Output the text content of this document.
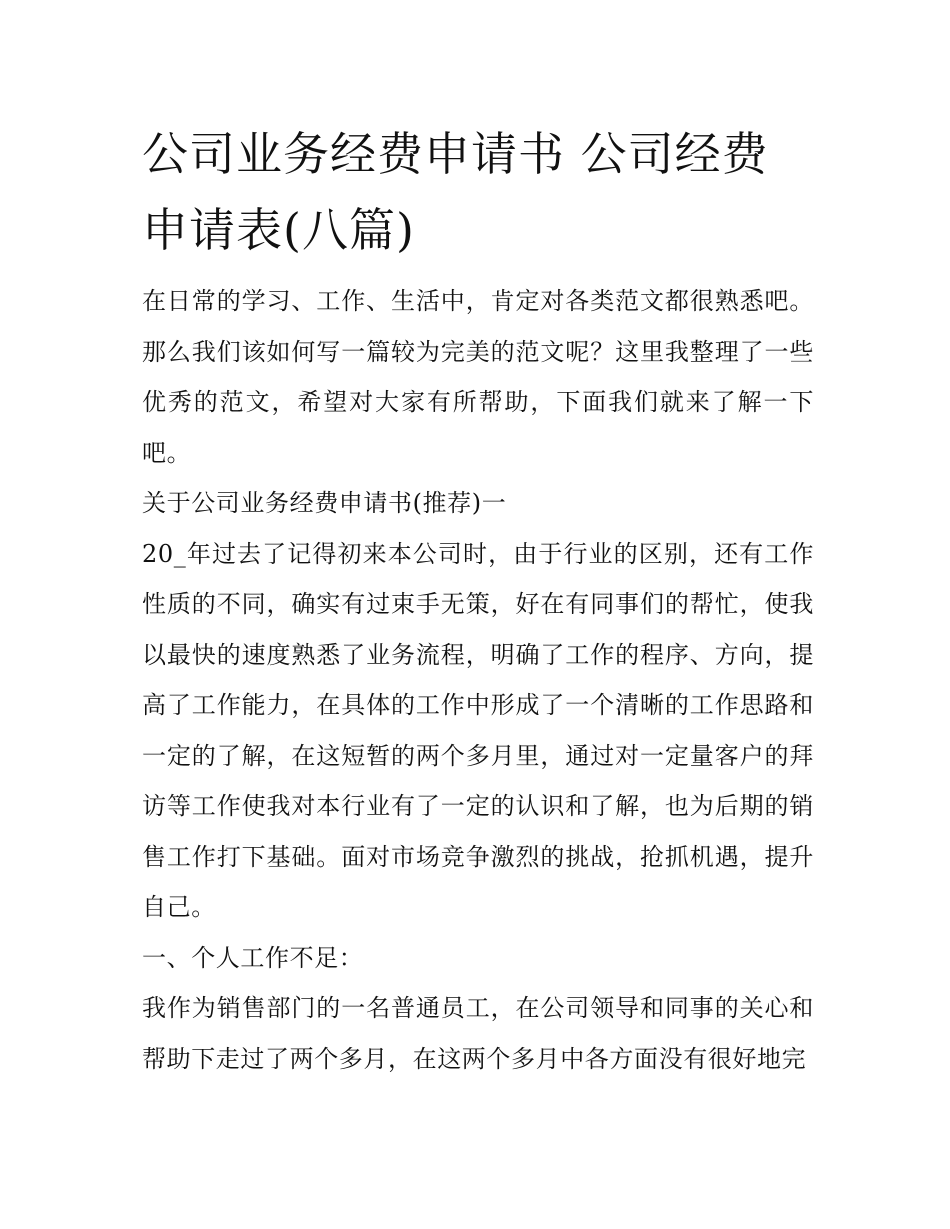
公司业务经费申请书 公司经费申请表(八篇)

在日常的学习、工作、生活中，肯定对各类范文都很熟悉吧。那么我们该如何写一篇较为完美的范文呢？这里我整理了一些优秀的范文，希望对大家有所帮助，下面我们就来了解一下吧。

关于公司业务经费申请书(推荐)一

20_年过去了记得初来本公司时，由于行业的区别，还有工作性质的不同，确实有过束手无策，好在有同事们的帮忙，使我以最快的速度熟悉了业务流程，明确了工作的程序、方向，提高了工作能力，在具体的工作中形成了一个清晰的工作思路和一定的了解，在这短暂的两个多月里，通过对一定量客户的拜访等工作使我对本行业有了一定的认识和了解，也为后期的销售工作打下基础。面对市场竞争激烈的挑战，抢抓机遇，提升自己。

一、个人工作不足：

我作为销售部门的一名普通员工，在公司领导和同事的关心和帮助下走过了两个多月，在这两个多月中各方面没有很好地完
